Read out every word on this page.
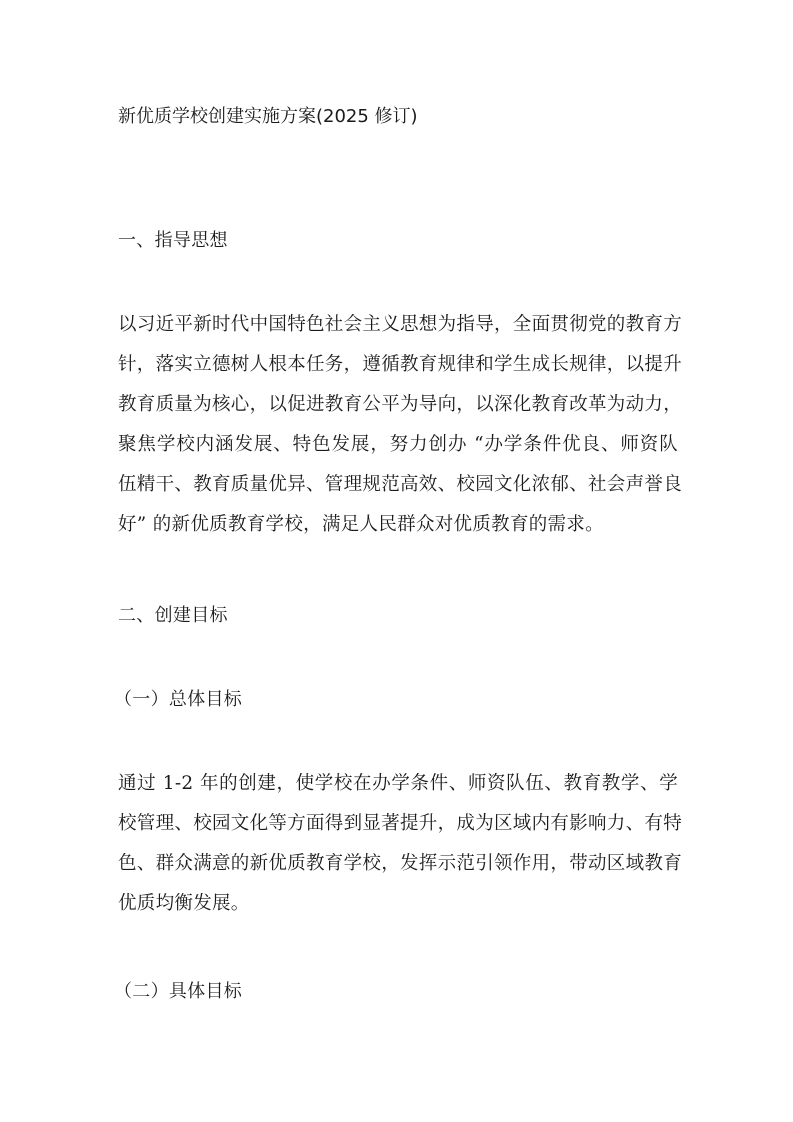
新优质学校创建实施方案(2025 修订)
一、指导思想
以习近平新时代中国特色社会主义思想为指导，全面贯彻党的教育方
针，落实立德树人根本任务，遵循教育规律和学生成长规律，以提升
教育质量为核心，以促进教育公平为导向，以深化教育改革为动力，
聚焦学校内涵发展、特色发展，努力创办 “办学条件优良、师资队
伍精干、教育质量优异、管理规范高效、校园文化浓郁、社会声誉良
好” 的新优质教育学校，满足人民群众对优质教育的需求。
二、创建目标
（一）总体目标
通过 1-2 年的创建，使学校在办学条件、师资队伍、教育教学、学
校管理、校园文化等方面得到显著提升，成为区域内有影响力、有特
色、群众满意的新优质教育学校，发挥示范引领作用，带动区域教育
优质均衡发展。
（二）具体目标
